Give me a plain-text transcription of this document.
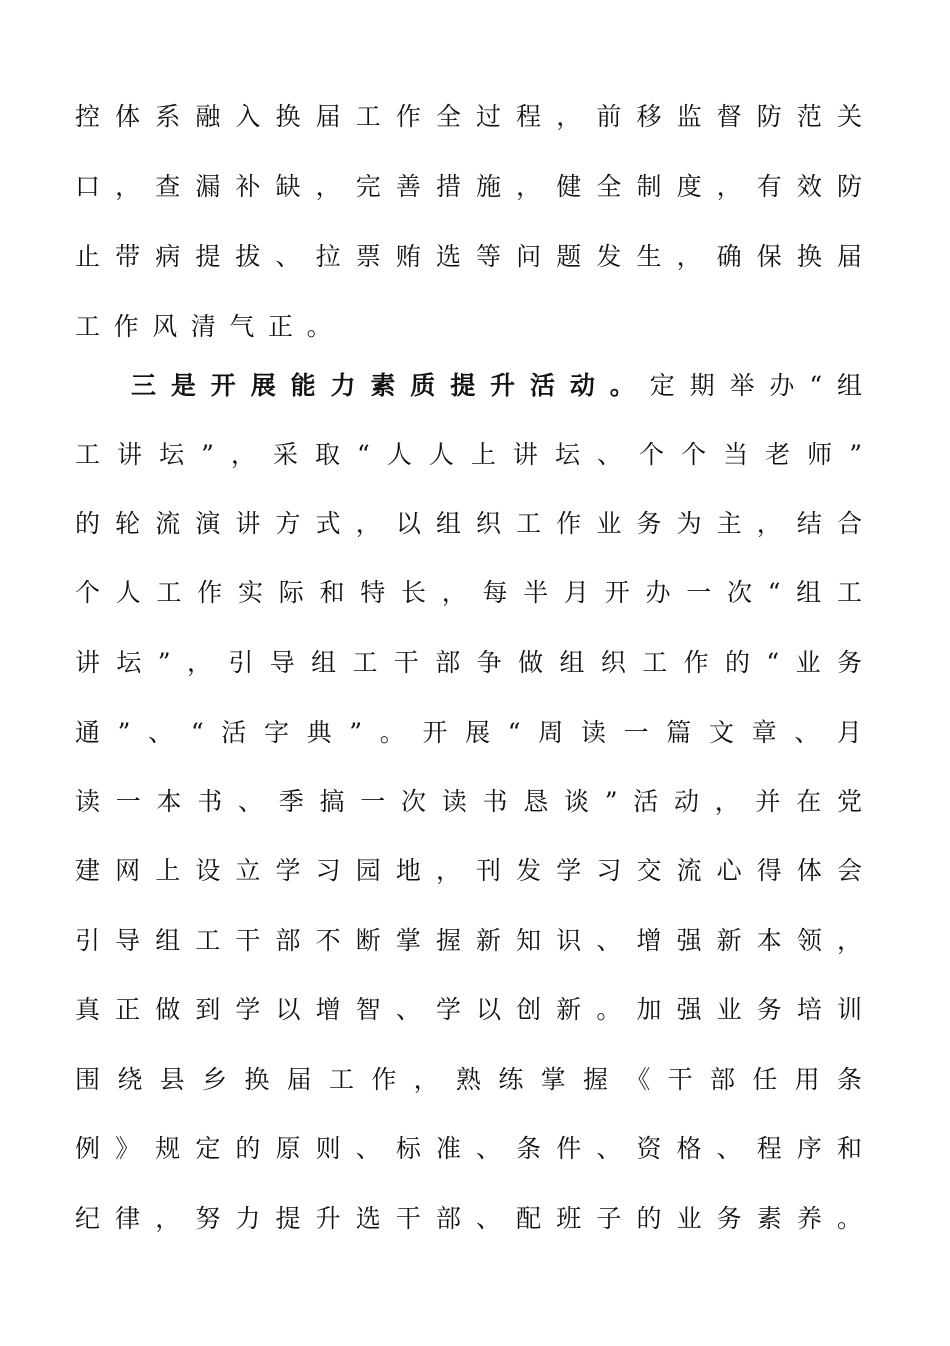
控​体​系​融​入​换​届​工​作​全​过​程​，​前​移​监​督​防​范​关
口​，​查​漏​补​缺​，​完​善​措​施​，​健​全​制​度​，​有​效​防
止​带​病​提​拔​、​拉​票​贿​选​等​问​题​发​生​，​确​保​换​届
工作风清气正。
三​是​开​展​能​力​素​质​提​升​活​动​。定​期​举​办​“​组
工​讲​坛​”​，​采​取​“​人​人​上​讲​坛​、​个​个​当​老​师​”
的​轮​流​演​讲​方​式​，​以​组​织​工​作​业​务​为​主​，​结​合
个​人​工​作​实​际​和​特​长​，​每​半​月​开​办​一​次​“​组​工
讲​坛​”​，​引​导​组​工​干​部​争​做​组​织​工​作​的​“​业​务
通​”​、​“​活​字​典​”​。​开​展​“​周​读​一​篇​文​章​、​月
读​一​本​书​、​季​搞​一​次​读​书​恳​谈​”​活​动​，​并​在​党
建​网​上​设​立​学​习​园​地​，​刊​发​学​习​交​流​心​得​体​会
引​导​组​工​干​部​不​断​掌​握​新​知​识​、​增​强​新​本​领​，
真​正​做​到​学​以​增​智​、​学​以​创​新​。​加​强​业​务​培​训
围​绕​县​乡​换​届​工​作​，​熟​练​掌​握​《​干​部​任​用​条
例​》​规​定​的​原​则​、​标​准​、​条​件​、​资​格​、​程​序​和
纪​律​，​努​力​提​升​选​干​部​、​配​班​子​的​业​务​素​养​。
